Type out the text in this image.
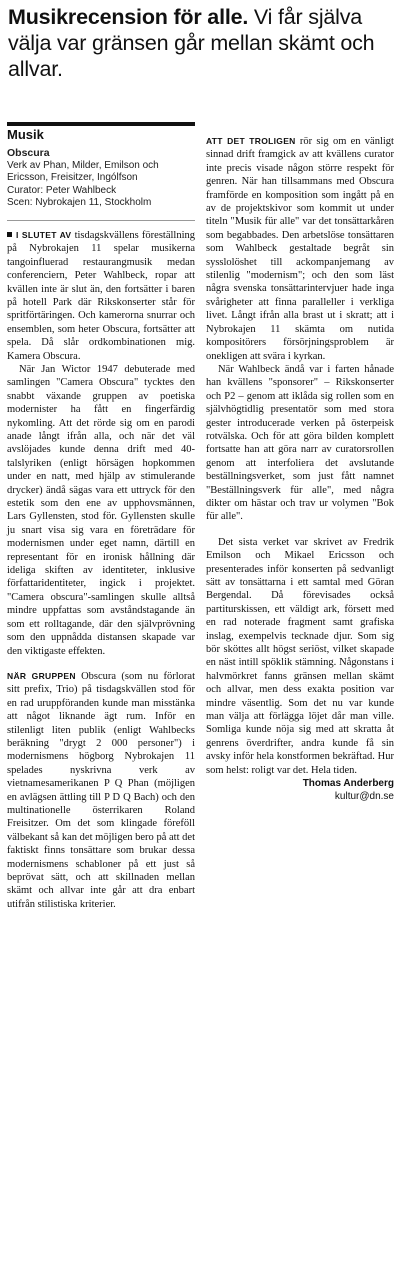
Musikrecension för alle. Vi får själva välja var gränsen går mellan skämt och allvar.
Musik
Obscura
Verk av Phan, Milder, Emilson och Ericsson, Freisitzer, Ingólfson
Curator: Peter Wahlbeck
Scen: Nybrokajen 11, Stockholm

I SLUTET AV tisdagskvällens föreställning på Nybrokajen 11 spelar musikerna tangoinfluerad restaurangmusik medan conferenciern, Peter Wahlbeck, ropar att kvällen inte är slut än, den fortsätter i baren på hotell Park där Rikskonserter står för spritförtäringen. Och kamerorna snurrar och ensemblen, som heter Obscura, fortsätter att spela. Då slår ordkombinationen mig. Kamera Obscura.

När Jan Wictor 1947 debuterade med samlingen "Camera Obscura" tycktes den snabbt växande gruppen av poetiska modernister ha fått en fingerfärdig nykomling. Att det rörde sig om en parodi anade långt ifrån alla, och när det väl avslöjades kunde denna drift med 40-talslyriken (enligt hörsägen hopkommen under en natt, med hjälp av stimulerande drycker) ändå sägas vara ett uttryck för den estetik som den ene av upphovsmännen, Lars Gyllensten, stod för. Gyllensten skulle ju snart visa sig vara en företrädare för modernismen under eget namn, därtill en representant för en ironisk hållning där ideliga skiften av identiteter, inklusive författaridentiteter, ingick i projektet. "Camera obscura"-samlingen skulle alltså mindre uppfattas som avståndstagande än som ett rolltagande, där den självprövning som den uppnådda distansen skapade var den viktigaste effekten.

NÄR GRUPPEN Obscura (som nu förlorat sitt prefix, Trio) på tisdagskvällen stod för en rad uruppföranden kunde man misstänka att något liknande ägt rum. Inför en stilenligt liten publik (enligt Wahlbecks beräkning "drygt 2 000 personer") i modernismens högborg Nybrokajen 11 spelades nyskrivna verk av vietnamesamerikanen P Q Phan (möjligen en avlägsen ättling till P D Q Bach) och den multinationelle österrikaren Roland Freisitzer. Om det som klingade föreföll välbekant så kan det möjligen bero på att det faktiskt finns tonsättare som brukar dessa modernismens schabloner på ett just så beprövat sätt, och att skillnaden mellan skämt och allvar inte går att dra enbart utifrån stilistiska kriterier.

ATT DET TROLIGEN rör sig om en vänligt sinnad drift framgick av att kvällens curator inte precis visade någon större respekt för genren. När han tillsammans med Obscura framförde en komposition som ingått på en av de projektskivor som kommit ut under titeln "Musik für alle" var det tonsättarkåren som begabbades. Den arbetslöse tonsättaren som Wahlbeck gestaltade begråt sin sysslolöshet till ackompanjemang av stilenlig "modernism"; och den som läst några svenska tonsättarintervjuer hade inga svårigheter att finna paralleller i verkliga livet. Långt ifrån alla brast ut i skratt; att i Nybrokajen 11 skämta om nutida kompositörers försörjningsproblem är onekligen att svära i kyrkan.

När Wahlbeck ändå var i farten hånade han kvällens "sponsorer" – Rikskonserter och P2 – genom att iklåda sig rollen som en självhögtidlig presentatör som med stora gester introducerade verken på österpeisk rotvälska. Och för att göra bilden komplett fortsatte han att göra narr av curatorsrollen genom att interfoliera det avslutande beställningsverket, som just fått namnet "Beställningsverk für alle", med några dikter om hästar och trav ur volymen "Bok für alle".

Det sista verket var skrivet av Fredrik Emilson och Mikael Ericsson och presenterades inför konserten på sedvanligt sätt av tonsättarna i ett samtal med Göran Bergendal. Då förevisades också partiturskissen, ett väldigt ark, försett med en rad noterade fragment samt grafiska inslag, exempelvis tecknade djur. Som sig bör sköttes allt högst seriöst, vilket skapade en näst intill spöklik stämning. Någonstans i halvmörkret fanns gränsen mellan skämt och allvar, men dess exakta position var mindre väsentlig. Som det nu var kunde man välja att förlägga löjet dår man ville. Somliga kunde nöja sig med att skratta åt genrens överdrifter, andra kunde få sin avsky inför hela konstformen bekräftad. Hur som helst: roligt var det. Hela tiden.

Thomas Anderberg
kultur@dn.se
